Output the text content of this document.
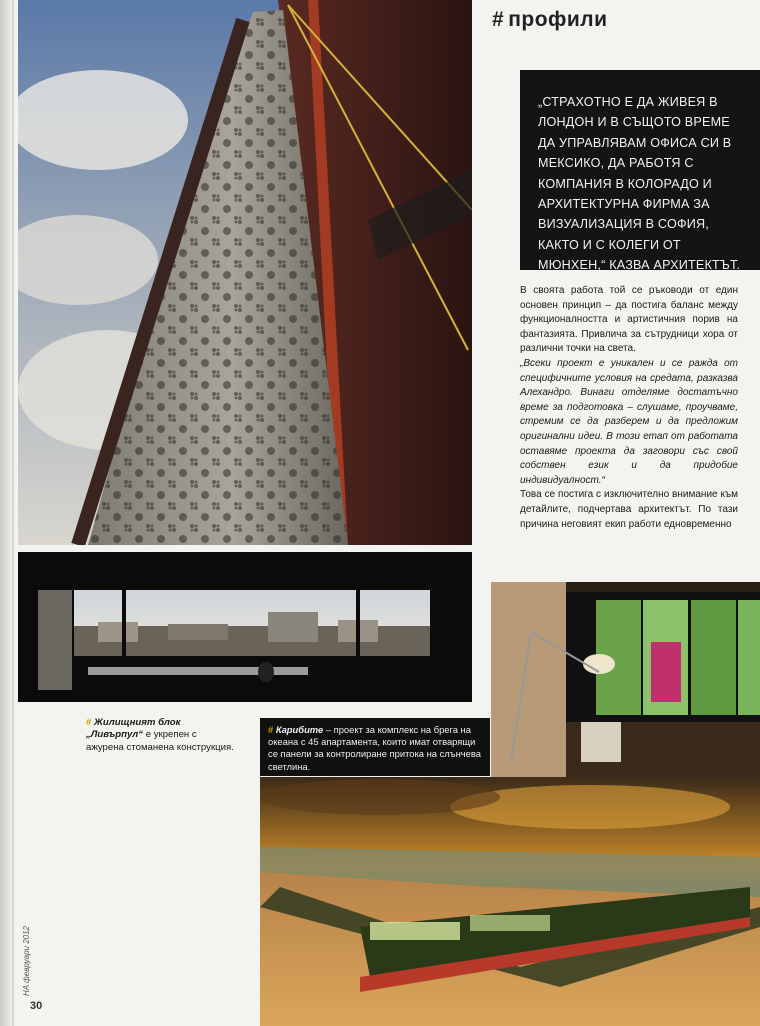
# профили
„СТРАХОТНО Е ДА ЖИВЕЯ В ЛОНДОН И В СЪЩОТО ВРЕМЕ ДА УПРАВЛЯВАМ ОФИСА СИ В МЕКСИКО, ДА РАБОТЯ С КОМПАНИЯ В КОЛОРАДО И АРХИТЕКТУРНА ФИРМА ЗА ВИЗУАЛИЗАЦИЯ В СОФИЯ, КАКТО И С КОЛЕГИ ОТ МЮНХЕН,“ КАЗВА АРХИТЕКТЪТ.

В своята работа той се ръководи от един основен принцип – да постига баланс между функционалността и артистичния порив на фантазията. Привлича за сътрудници хора от различни точки на света.

„Всеки проект е уникален и се ражда от специфичните условия на средата, разказва Алехандро. Винаги отделяме достатъчно време за подготовка – слушаме, проучваме, стремим се да разберем и да предложим оригинални идеи. В този етап от работата оставяме проекта да заговори със свой собствен език и да придобие индивидуалност.“

Това се постига с изключително внимание към детайлите, подчертава архитектът. По тази причина неговият екип работи едновременно

# Жилищният блок „Ливърпул“ е укрепен с ажурена стоманена конструкция.
# Карибите – проект за комплекс на брега на океана с 45 апартамента, които имат отварящи се панели за контролиране притока на слънчева светлина.
HA февруари 2012
30
